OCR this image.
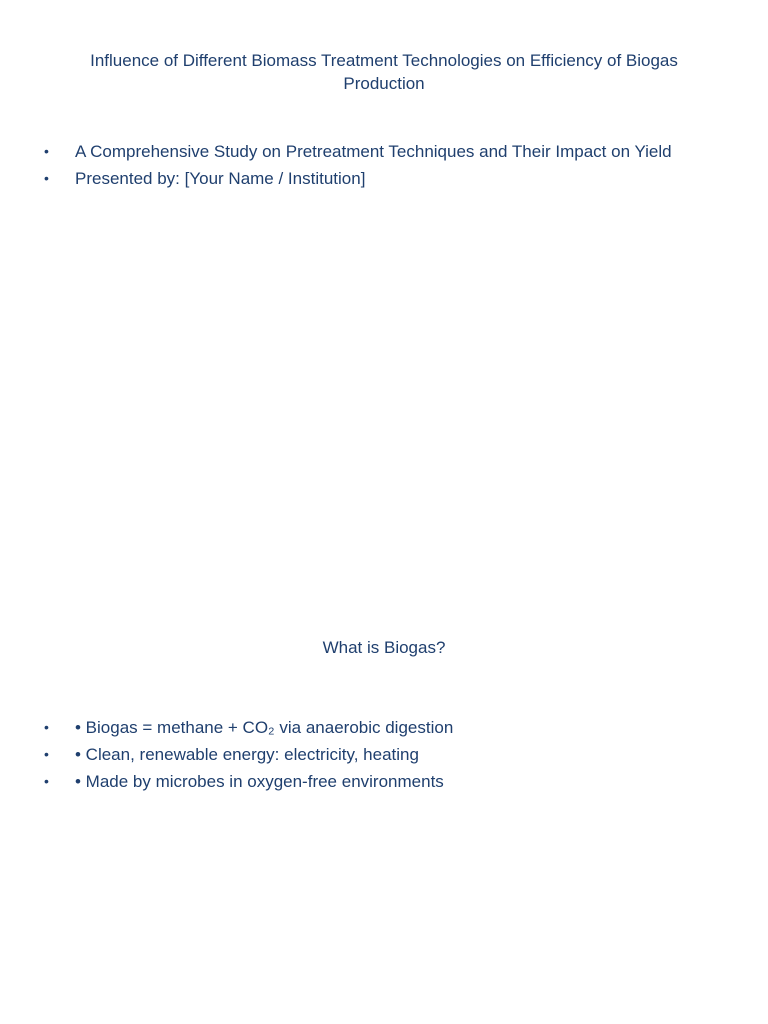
Influence of Different Biomass Treatment Technologies on Efficiency of Biogas Production
• A Comprehensive Study on Pretreatment Techniques and Their Impact on Yield
• Presented by: [Your Name / Institution]
What is Biogas?
• • Biogas = methane + CO₂ via anaerobic digestion
• • Clean, renewable energy: electricity, heating
• • Made by microbes in oxygen-free environments
